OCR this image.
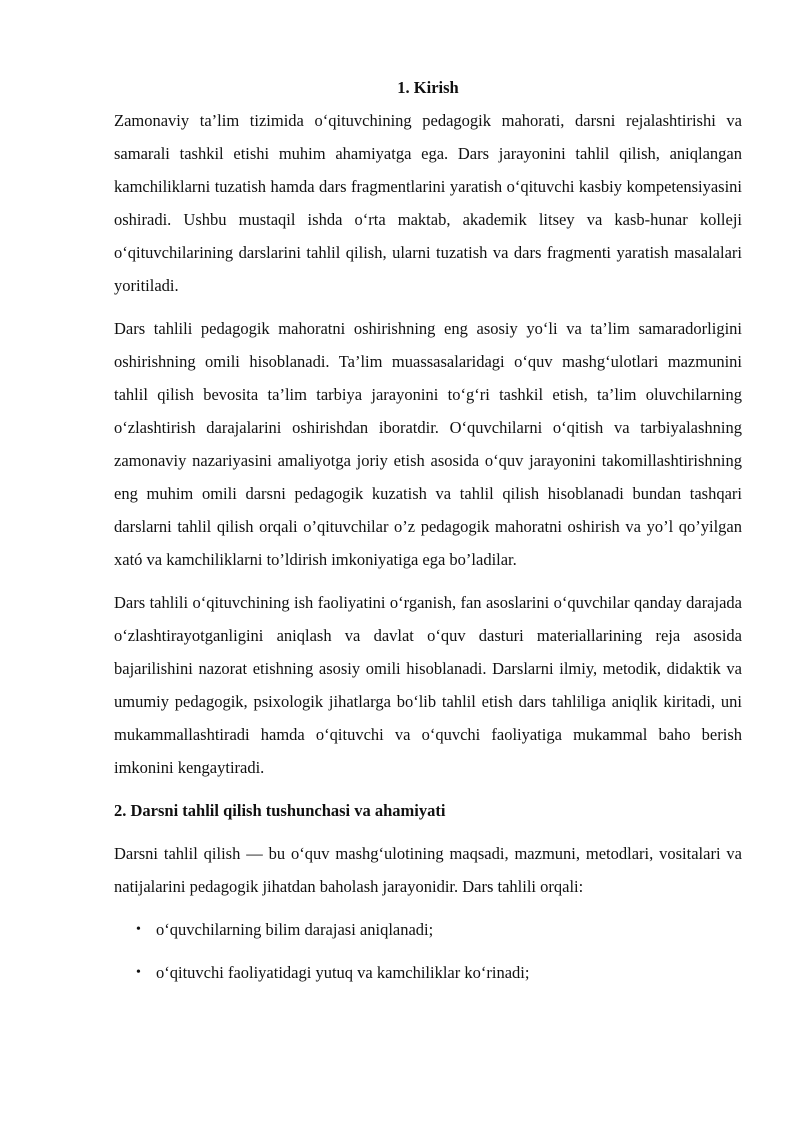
1. Kirish

Zamonaviy ta’lim tizimida o‘qituvchining pedagogik mahorati, darsni rejalashtirishi va samarali tashkil etishi muhim ahamiyatga ega. Dars jarayonini tahlil qilish, aniqlangan kamchiliklarni tuzatish hamda dars fragmentlarini yaratish o‘qituvchi kasbiy kompetensiyasini oshiradi. Ushbu mustaqil ishda o‘rta maktab, akademik litsey va kasb-hunar kolleji o‘qituvchilarining darslarini tahlil qilish, ularni tuzatish va dars fragmenti yaratish masalalari yoritiladi.

Dars tahlili pedagogik mahoratni oshirishning eng asosiy yo‘li va ta’lim samaradorligini oshirishning omili hisoblanadi. Ta’lim muassasalaridagi o‘quv mashg‘ulotlari mazmunini tahlil qilish bevosita ta’lim tarbiya jarayonini to‘g‘ri tashkil etish, ta’lim oluvchilarning o‘zlashtirish darajalarini oshirishdan iboratdir. O‘quvchilarni o‘qitish va tarbiyalashning zamonaviy nazariyasini amaliyotga joriy etish asosida o‘quv jarayonini takomillashtirishning eng muhim omili darsni pedagogik kuzatish va tahlil qilish hisoblanadi bundan tashqari darslarni tahlil qilish orqali o’qituvchilar o’z pedagogik mahoratni oshirish va yo’l qo’yilgan xató va kamchiliklarni to’ldirish imkoniyatiga ega bo’ladilar.

Dars tahlili o‘qituvchining ish faoliyatini o‘rganish, fan asoslarini o‘quvchilar qanday darajada o‘zlashtirayotganligini aniqlash va davlat o‘quv dasturi materiallarining reja asosida bajarilishini nazorat etishning asosiy omili hisoblanadi. Darslarni ilmiy, metodik, didaktik va umumiy pedagogik, psixologik jihatlarga bo‘lib tahlil etish dars tahliliga aniqlik kiritadi, uni mukammallashtiradi hamda o‘qituvchi va o‘quvchi faoliyatiga mukammal baho berish imkonini kengaytiradi.

2. Darsni tahlil qilish tushunchasi va ahamiyati

Darsni tahlil qilish — bu o‘quv mashg‘ulotining maqsadi, mazmuni, metodlari, vositalari va natijalarini pedagogik jihatdan baholash jarayonidir. Dars tahlili orqali:

• o‘quvchilarning bilim darajasi aniqlanadi;
• o‘qituvchi faoliyatidagi yutuq va kamchiliklar ko‘rinadi;
